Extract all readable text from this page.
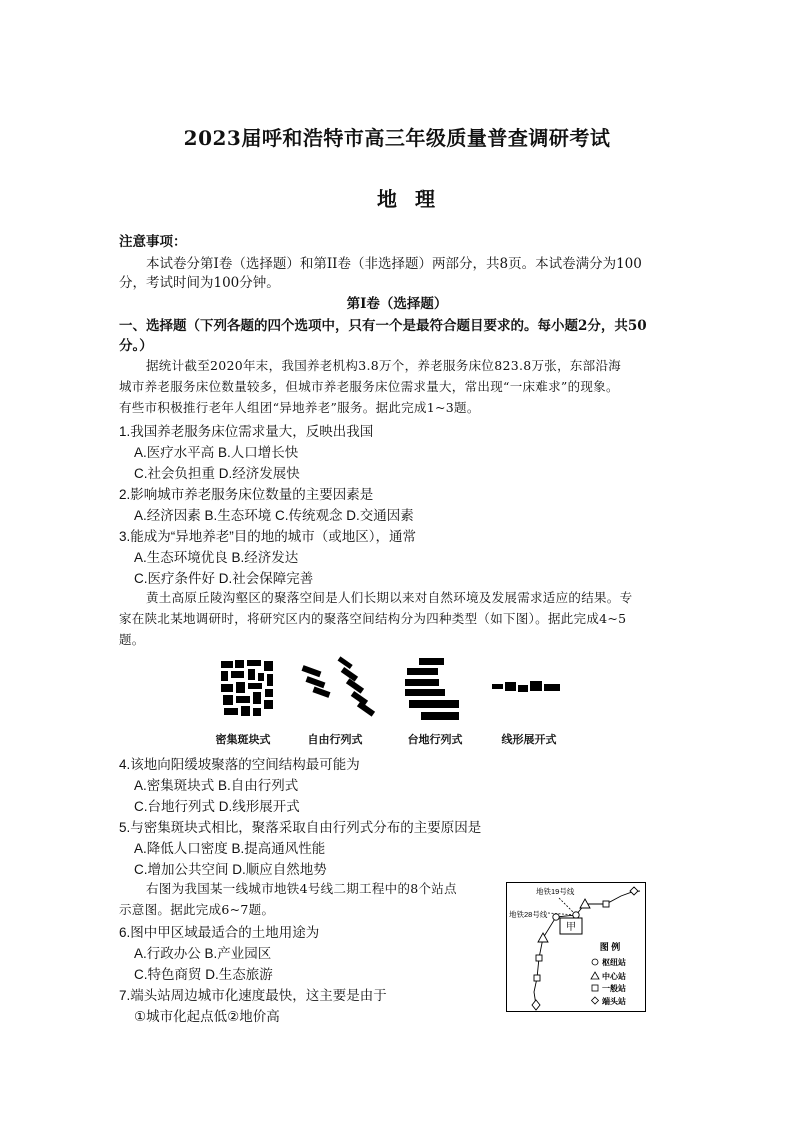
2023届呼和浩特市高三年级质量普查调研考试
地理
注意事项：
本试卷分第I卷（选择题）和第II卷（非选择题）两部分，共8页。本试卷满分为100
分，考试时间为100分钟。
第I卷（选择题）
一、选择题（下列各题的四个选项中，只有一个是最符合题目要求的。每小题2分，共50
分。）
据统计截至2020年末，我国养老机构3.8万个，养老服务床位823.8万张，东部沿海
城市养老服务床位数量较多，但城市养老服务床位需求量大，常出现“一床难求”的现象。
有些市积极推行老年人组团“异地养老”服务。据此完成1~3题。
1.我国养老服务床位需求量大，反映出我国
A.医疗水平高 B.人口增长快
C.社会负担重 D.经济发展快
2.影响城市养老服务床位数量的主要因素是
A.经济因素 B.生态环境 C.传统观念 D.交通因素
3.能成为“异地养老”目的地的城市（或地区），通常
A.生态环境优良 B.经济发达
C.医疗条件好 D.社会保障完善
黄土高原丘陵沟壑区的聚落空间是人们长期以来对自然环境及发展需求适应的结果。专
家在陕北某地调研时，将研究区内的聚落空间结构分为四种类型（如下图）。据此完成4~5
题。
密集斑块式	自由行列式	台地行列式	线形展开式
4.该地向阳缓坡聚落的空间结构最可能为
A.密集斑块式 B.自由行列式
C.台地行列式 D.线形展开式
5.与密集斑块式相比，聚落采取自由行列式分布的主要原因是
A.降低人口密度 B.提高通风性能
C.增加公共空间 D.顺应自然地势
右图为我国某一线城市地铁4号线二期工程中的8个站点
示意图。据此完成6~7题。
6.图中甲区域最适合的土地用途为
A.行政办公 B.产业园区
C.特色商贸 D.生态旅游
7.端头站周边城市化速度最快，这主要是由于
①城市化起点低②地价高
地铁19号线
地铁28号线
甲
图 例
枢纽站
中心站
一般站
端头站
